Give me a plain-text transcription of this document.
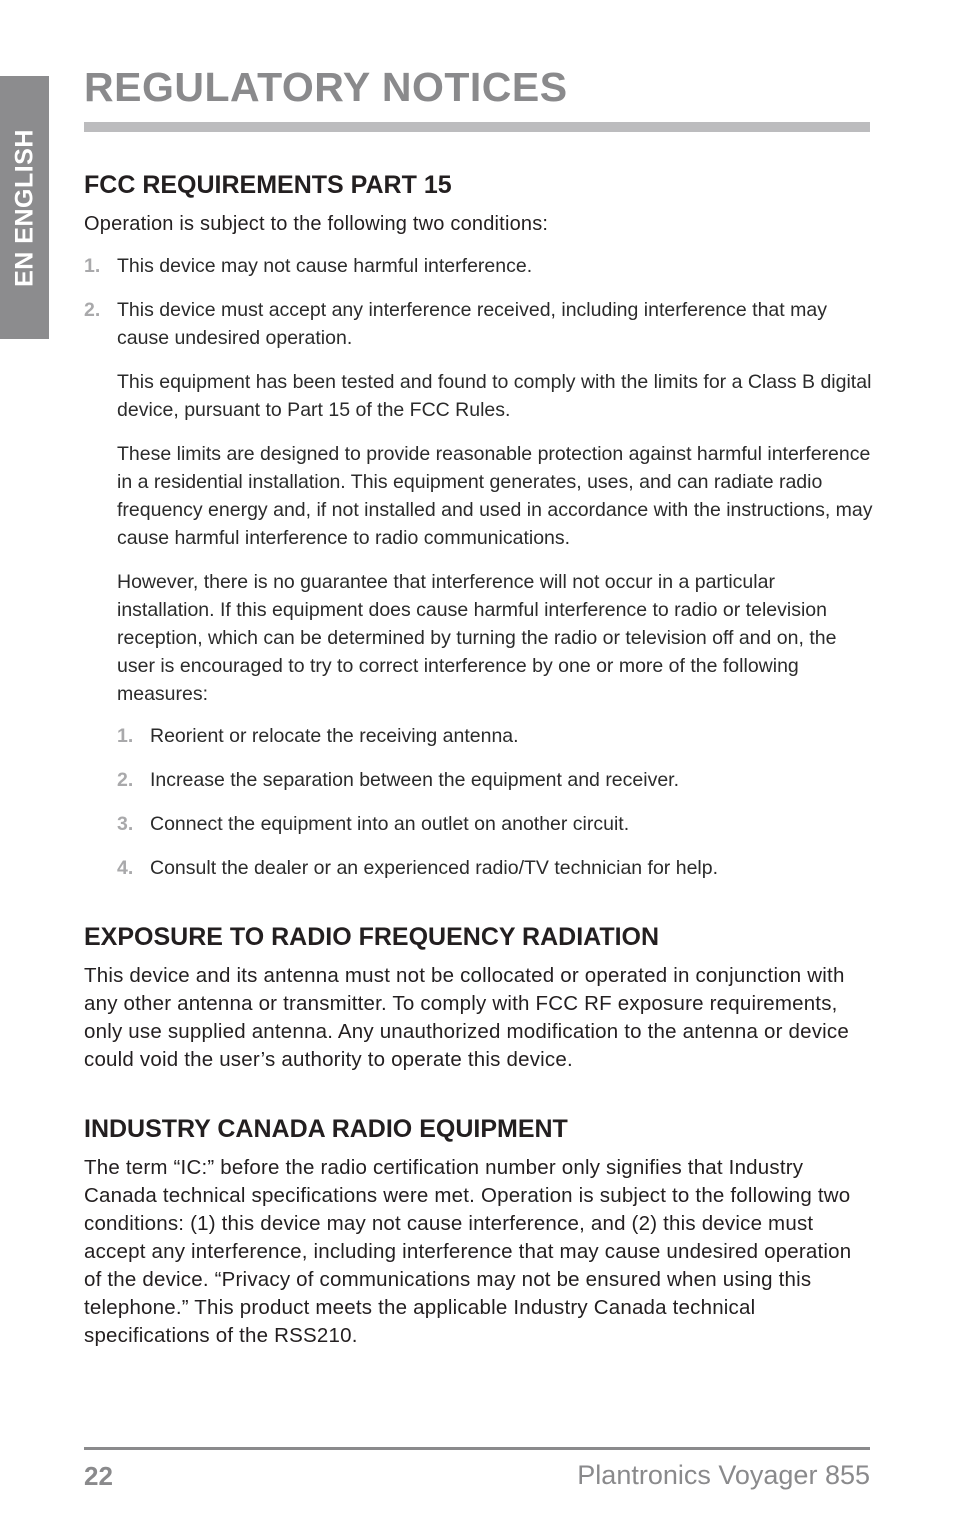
EN ENGLISH
REGULATORY NOTICES
FCC REQUIREMENTS PART 15

Operation is subject to the following two conditions:

1. This device may not cause harmful interference.
2. This device must accept any interference received, including interference that may cause undesired operation.

This equipment has been tested and found to comply with the limits for a Class B digital device, pursuant to Part 15 of the FCC Rules.

These limits are designed to provide reasonable protection against harmful interference in a residential installation. This equipment generates, uses, and can radiate radio frequency energy and, if not installed and used in accordance with the instructions, may cause harmful interference to radio communications.

However, there is no guarantee that interference will not occur in a particular installation. If this equipment does cause harmful interference to radio or television reception, which can be determined by turning the radio or television off and on, the user is encouraged to try to correct interference by one or more of the following measures:

1. Reorient or relocate the receiving antenna.
2. Increase the separation between the equipment and receiver.
3. Connect the equipment into an outlet on another circuit.
4. Consult the dealer or an experienced radio/TV technician for help.
EXPOSURE TO RADIO FREQUENCY RADIATION

This device and its antenna must not be collocated or operated in conjunction with any other antenna or transmitter. To comply with FCC RF exposure requirements, only use supplied antenna. Any unauthorized modification to the antenna or device could void the user’s authority to operate this device.

INDUSTRY CANADA RADIO EQUIPMENT

The term “IC:” before the radio certification number only signifies that Industry Canada technical specifications were met. Operation is subject to the following two conditions: (1) this device may not cause interference, and (2) this device must accept any interference, including interference that may cause undesired operation of the device. “Privacy of communications may not be ensured when using this telephone.” This product meets the applicable Industry Canada technical specifications of the RSS210.

22	Plantronics Voyager 855
